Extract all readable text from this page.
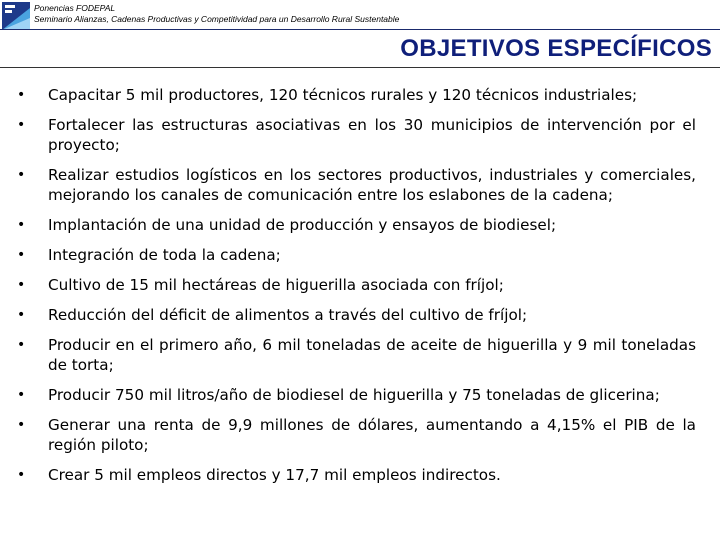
Ponencias FODEPAL
Seminario Alianzas, Cadenas Productivas y Competitividad para un Desarrollo Rural Sustentable
OBJETIVOS ESPECÍFICOS
• Capacitar 5 mil productores, 120 técnicos rurales y 120 técnicos industriales;
• Fortalecer las estructuras asociativas en los 30 municipios de intervención por el proyecto;
• Realizar estudios logísticos en los sectores productivos, industriales y comerciales, mejorando los canales de comunicación entre los eslabones de la cadena;
• Implantación de una unidad de producción y ensayos de biodiesel;
• Integración de toda la cadena;
• Cultivo de 15 mil hectáreas de higuerilla asociada con fríjol;
• Reducción del déficit de alimentos a través del cultivo de fríjol;
• Producir en el primero año, 6 mil toneladas de aceite de higuerilla y 9 mil toneladas de torta;
• Producir 750 mil litros/año de biodiesel de higuerilla y 75 toneladas de glicerina;
• Generar una renta de 9,9 millones de dólares, aumentando a 4,15% el PIB de la región piloto;
• Crear 5 mil empleos directos y 17,7 mil empleos indirectos.
